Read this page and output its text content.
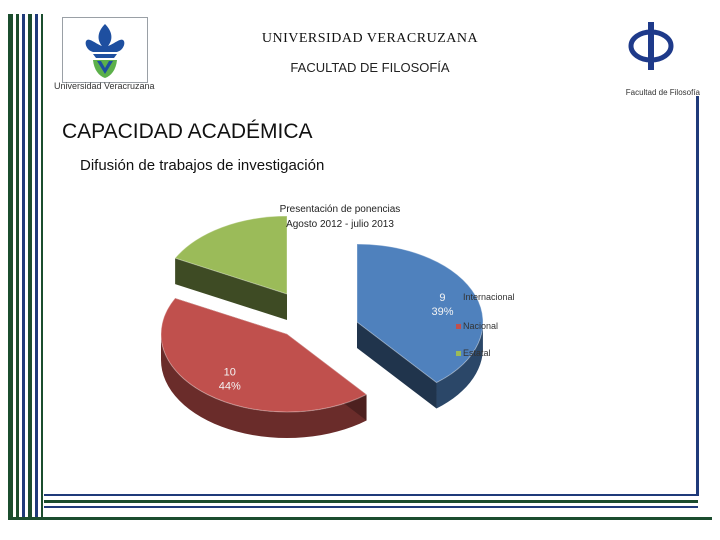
Universidad Veracruzana
UNIVERSIDAD VERACRUZANA
FACULTAD DE FILOSOFÍA
Facultad de Filosofía
CAPACIDAD ACADÉMICA
Difusión de trabajos de investigación
9
39%
10
44%
Presentación de ponencias
Agosto 2012 - julio 2013
Internacional
Nacional
Estatal
